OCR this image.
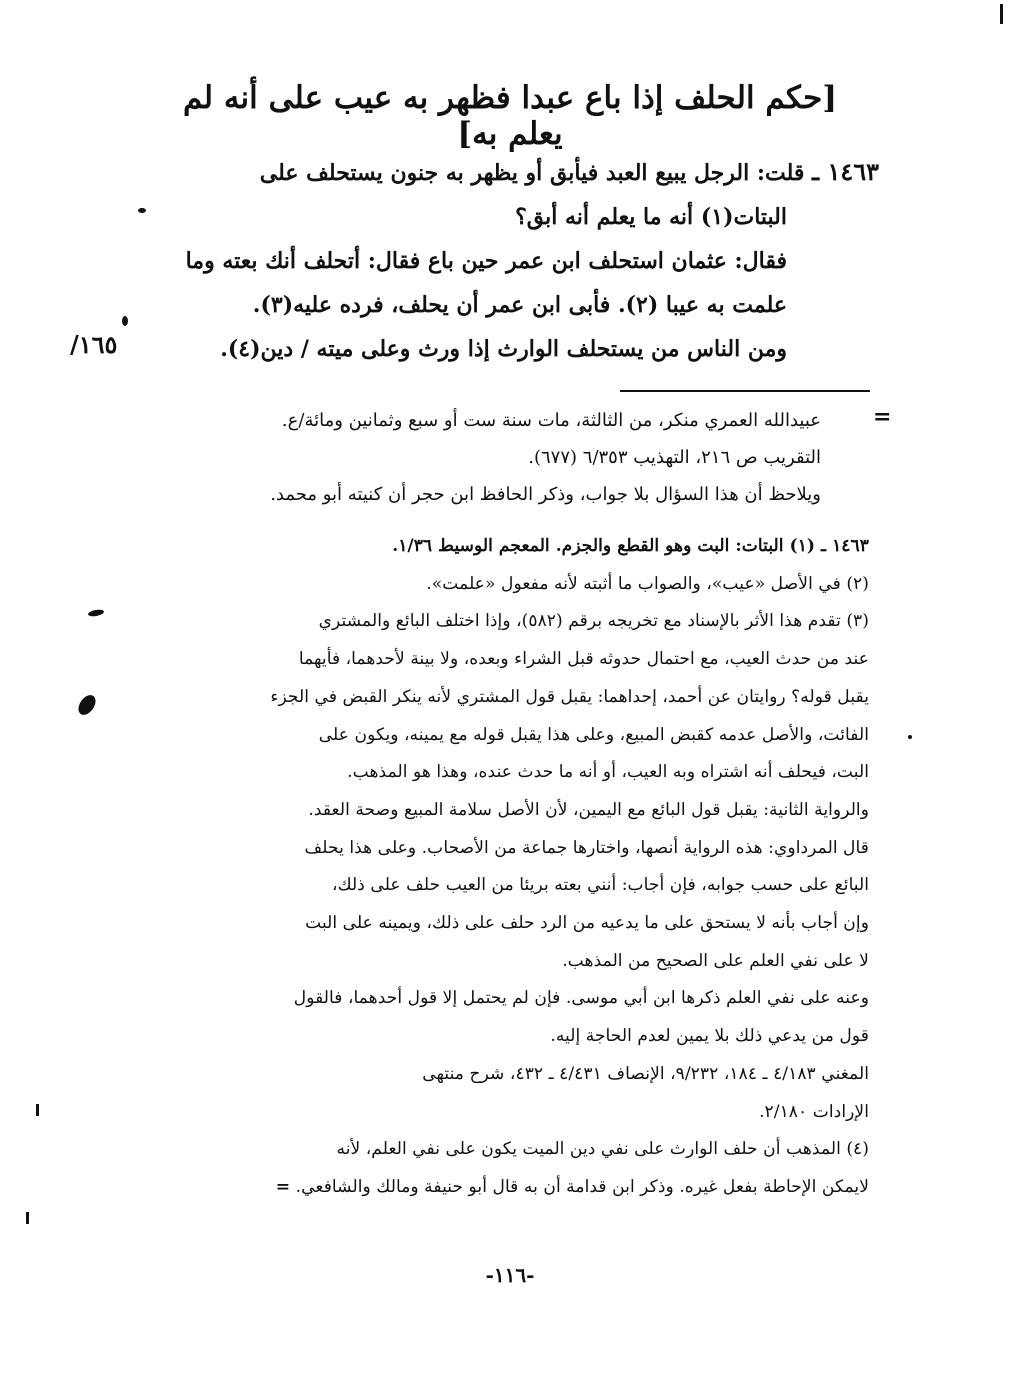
[حكم الحلف إذا باع عبدا فظهر به عيب على أنه لم يعلم به]
١٤٦٣ ـ قلت: الرجل يبيع العبد فيأبق أو يظهر به جنون يستحلف على
البتات(١) أنه ما يعلم أنه أبق؟
فقال: عثمان استحلف ابن عمر حين باع فقال: أتحلف أنك بعته وما
علمت به عيبا (٢). فأبى ابن عمر أن يحلف، فرده عليه(٣).
ومن الناس من يستحلف الوارث إذا ورث وعلى ميته / دين(٤).
/١٦٥
=
عبيدالله العمري منكر، من الثالثة، مات سنة ست أو سبع وثمانين ومائة/ع.
التقريب ص ٢١٦، التهذيب ٦/٣٥٣ (٦٧٧).
ويلاحظ أن هذا السؤال بلا جواب، وذكر الحافظ ابن حجر أن كنيته أبو محمد.
١٤٦٣ ـ (١) البتات: البت وهو القطع والجزم. المعجم الوسيط ١/٣٦.
(٢) في الأصل «عيب»، والصواب ما أثبته لأنه مفعول «علمت».
(٣) تقدم هذا الأثر بالإسناد مع تخريجه برقم (٥٨٢)، وإذا اختلف البائع والمشتري
عند من حدث العيب، مع احتمال حدوثه قبل الشراء وبعده، ولا بينة لأحدهما، فأيهما
يقبل قوله؟ روايتان عن أحمد، إحداهما: يقبل قول المشتري لأنه ينكر القبض في الجزء
الفائت، والأصل عدمه كقبض المبيع، وعلى هذا يقبل قوله مع يمينه، ويكون على
البت، فيحلف أنه اشتراه وبه العيب، أو أنه ما حدث عنده، وهذا هو المذهب.
والرواية الثانية: يقبل قول البائع مع اليمين، لأن الأصل سلامة المبيع وصحة العقد.
قال المرداوي: هذه الرواية أنصها، واختارها جماعة من الأصحاب. وعلى هذا يحلف
البائع على حسب جوابه، فإن أجاب: أنني بعته بريئا من العيب حلف على ذلك،
وإن أجاب بأنه لا يستحق على ما يدعيه من الرد حلف على ذلك، ويمينه على البت
لا على نفي العلم على الصحيح من المذهب.
وعنه على نفي العلم ذكرها ابن أبي موسى. فإن لم يحتمل إلا قول أحدهما، فالقول
قول من يدعي ذلك بلا يمين لعدم الحاجة إليه.
المغني ٤/١٨٣ ـ ١٨٤، ٩/٢٣٢، الإنصاف ٤/٤٣١ ـ ٤٣٢، شرح منتهى
الإرادات ٢/١٨٠.
(٤) المذهب أن حلف الوارث على نفي دين الميت يكون على نفي العلم، لأنه
لايمكن الإحاطة بفعل غيره. وذكر ابن قدامة أن به قال أبو حنيفة ومالك والشافعي. =
-١١٦-
